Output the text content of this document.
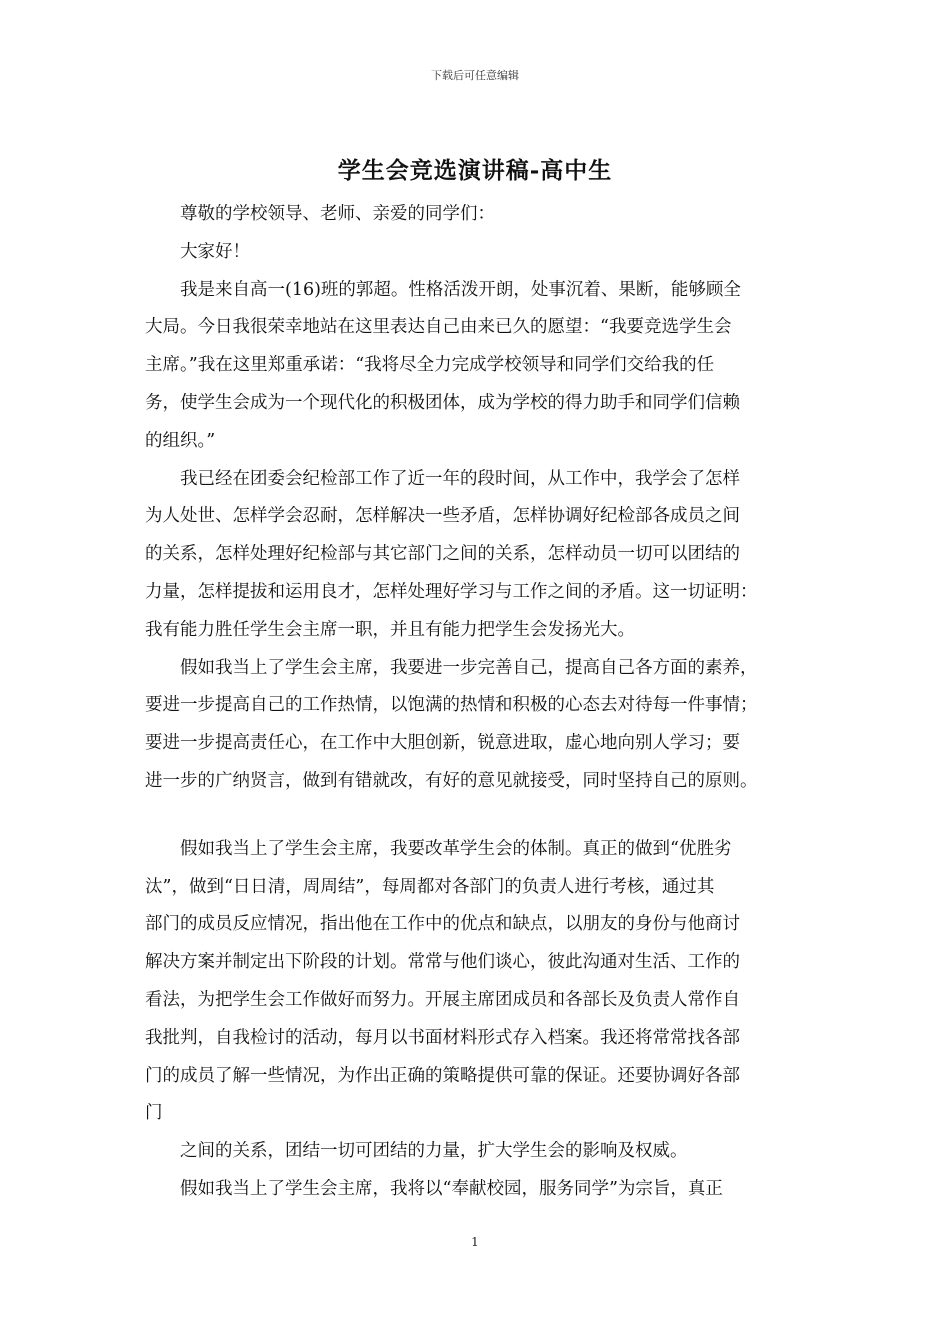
下载后可任意编辑
学生会竞选演讲稿-高中生
尊敬的学校领导、老师、亲爱的同学们：
大家好！
我是来自高一(16)班的郭超。性格活泼开朗，处事沉着、果断，能够顾全
大局。今日我很荣幸地站在这里表达自己由来已久的愿望：“我要竞选学生会
主席。”我在这里郑重承诺：“我将尽全力完成学校领导和同学们交给我的任
务，使学生会成为一个现代化的积极团体，成为学校的得力助手和同学们信赖
的组织。”
我已经在团委会纪检部工作了近一年的段时间，从工作中，我学会了怎样
为人处世、怎样学会忍耐，怎样解决一些矛盾，怎样协调好纪检部各成员之间
的关系，怎样处理好纪检部与其它部门之间的关系，怎样动员一切可以团结的
力量，怎样提拔和运用良才，怎样处理好学习与工作之间的矛盾。这一切证明：
我有能力胜任学生会主席一职，并且有能力把学生会发扬光大。
假如我当上了学生会主席，我要进一步完善自己，提高自己各方面的素养，
要进一步提高自己的工作热情，以饱满的热情和积极的心态去对待每一件事情；
要进一步提高责任心，在工作中大胆创新，锐意进取，虚心地向别人学习；要
进一步的广纳贤言，做到有错就改，有好的意见就接受，同时坚持自己的原则。
假如我当上了学生会主席，我要改革学生会的体制。真正的做到“优胜劣
汰”，做到“日日清，周周结”，每周都对各部门的负责人进行考核，通过其
部门的成员反应情况，指出他在工作中的优点和缺点，以朋友的身份与他商讨
解决方案并制定出下阶段的计划。常常与他们谈心，彼此沟通对生活、工作的
看法，为把学生会工作做好而努力。开展主席团成员和各部长及负责人常作自
我批判，自我检讨的活动，每月以书面材料形式存入档案。我还将常常找各部
门的成员了解一些情况，为作出正确的策略提供可靠的保证。还要协调好各部
门
之间的关系，团结一切可团结的力量，扩大学生会的影响及权威。
假如我当上了学生会主席，我将以“奉献校园，服务同学”为宗旨，真正
1
